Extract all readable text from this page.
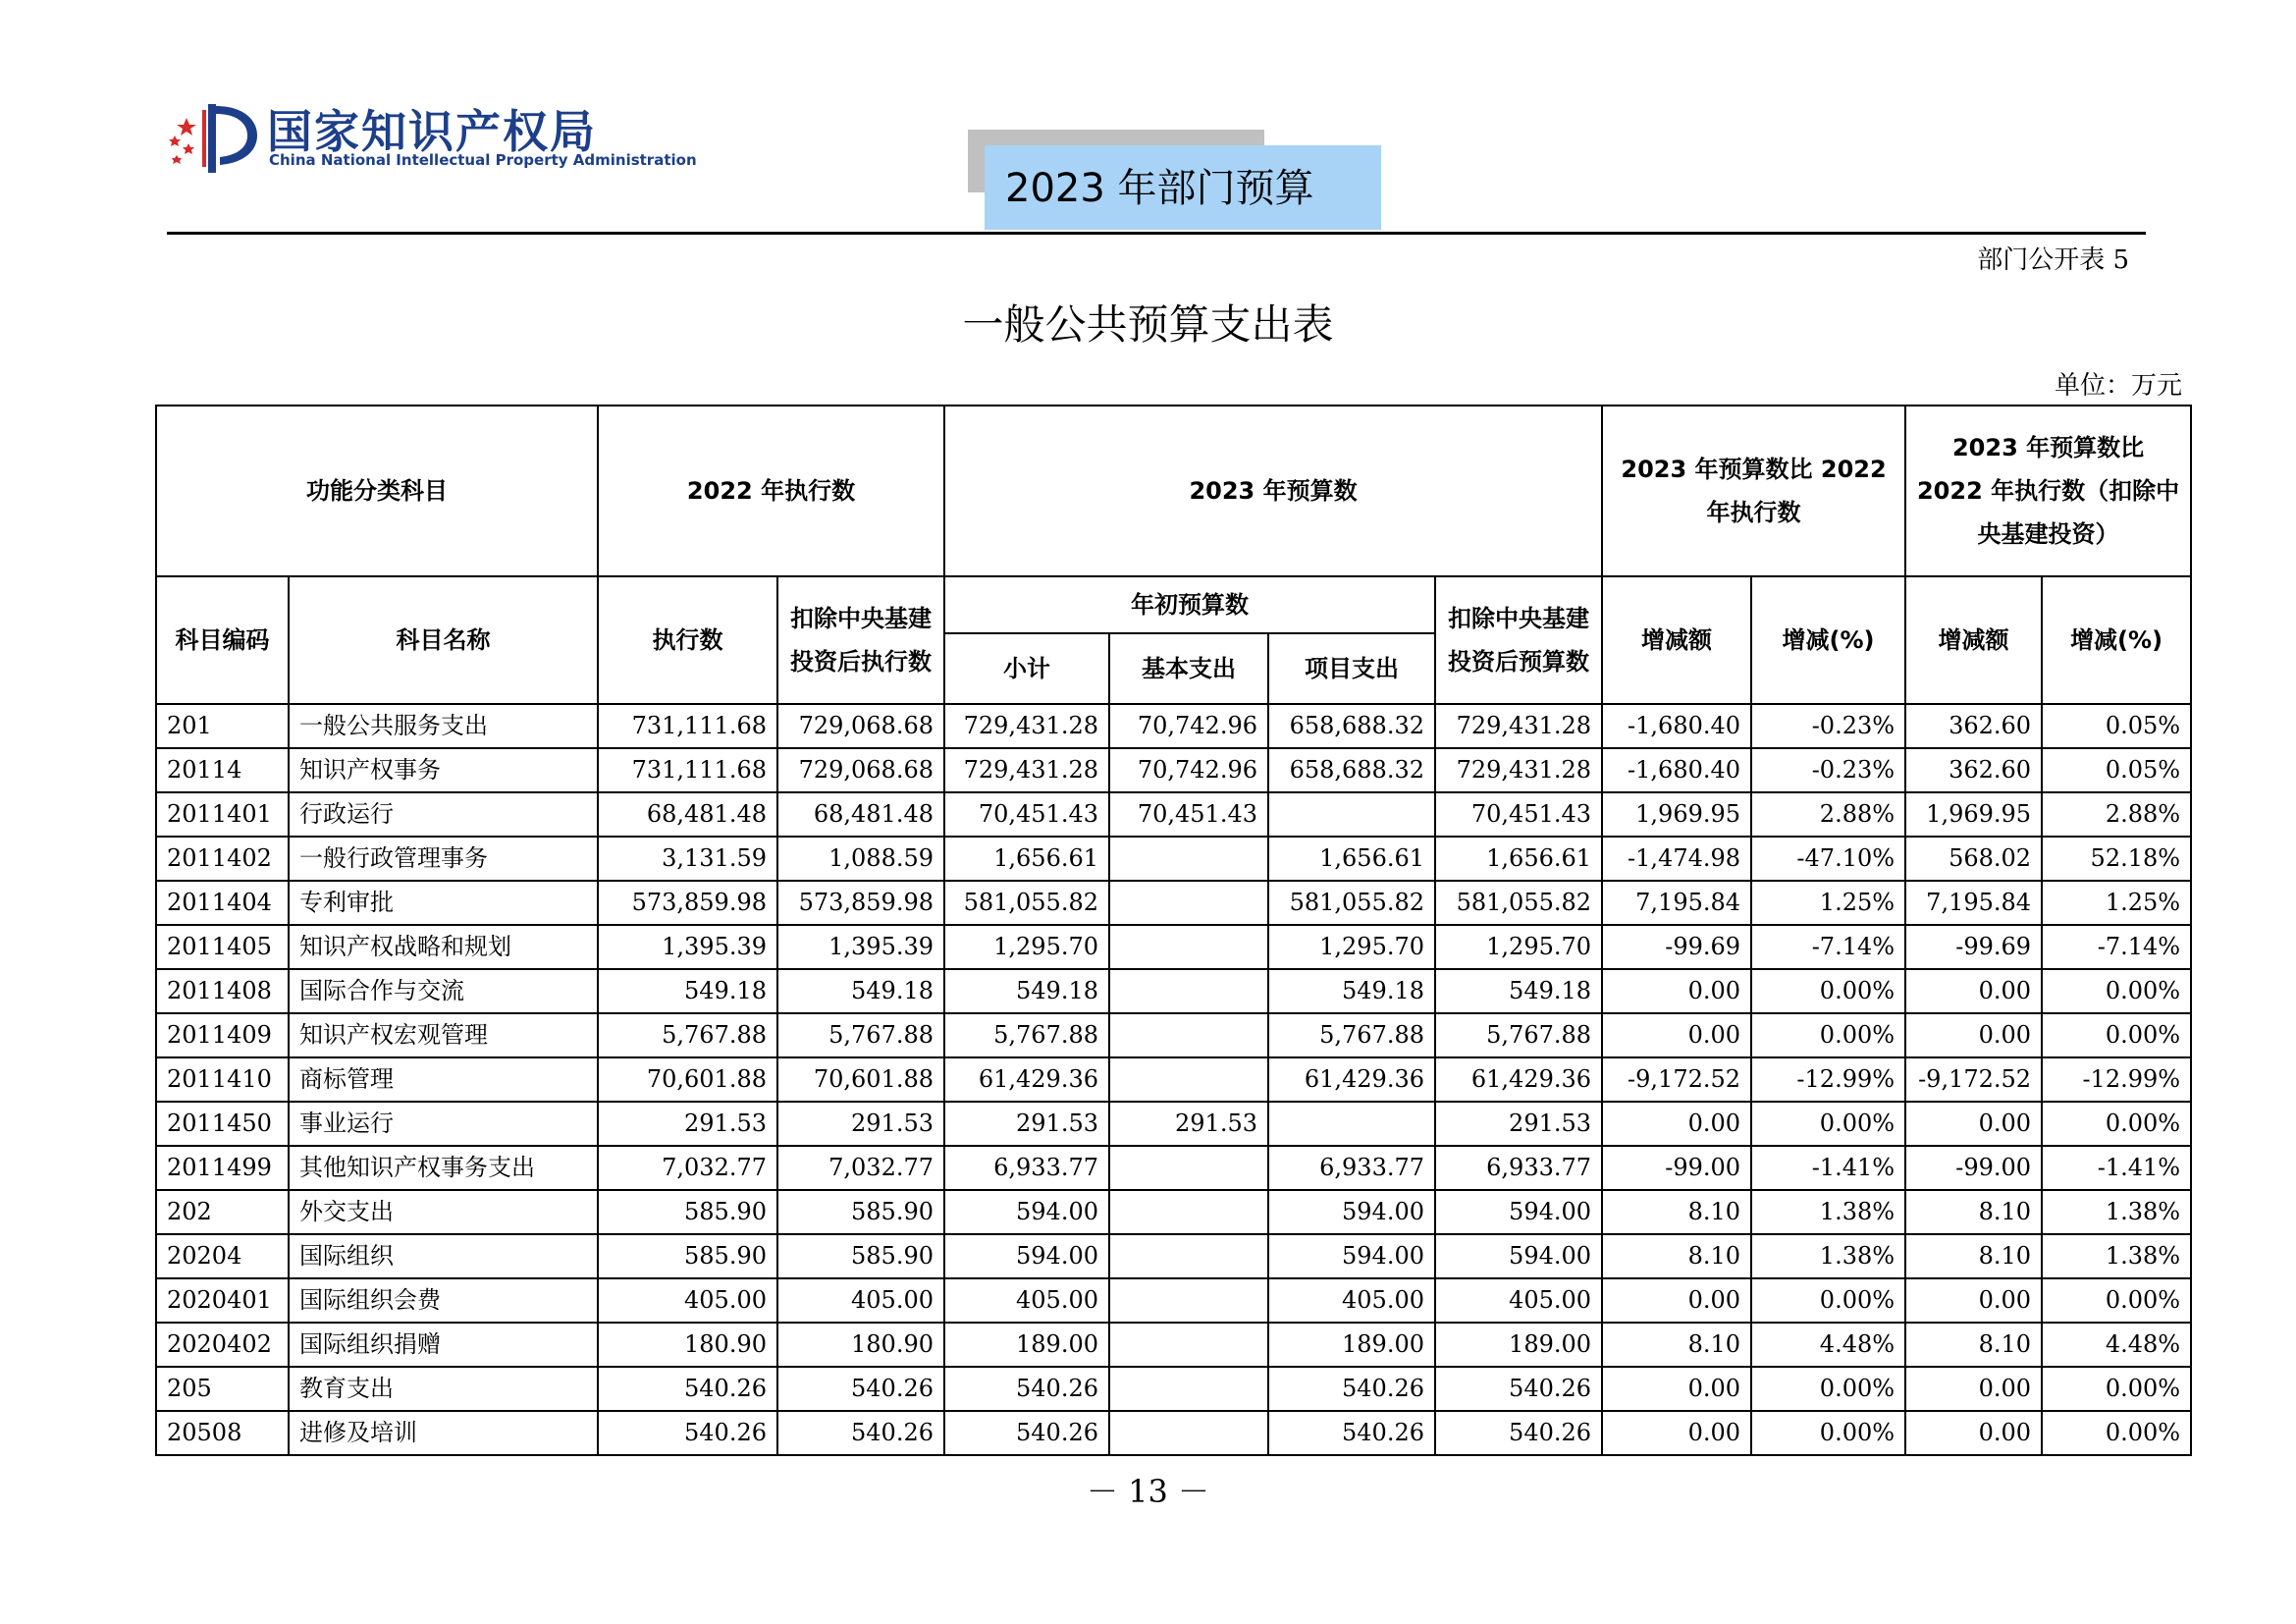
国家知识产权局
China National Intellectual Property Administration
2023 年部门预算
部门公开表 5
一般公共预算支出表
单位：万元
功能分类科目		2022 年执行数		2023 年预算数				2023 年预算数比 2022 年执行数		2023 年预算数比 2022 年执行数（扣除中央基建投资）	
科目编码	科目名称	执行数	扣除中央基建投资后执行数	年初预算数			扣除中央基建投资后预算数	增减额	增减(%)	增减额	增减(%)
				小计	基本支出	项目支出					
201	一般公共服务支出	731,111.68	729,068.68	729,431.28	70,742.96	658,688.32	729,431.28	-1,680.40	-0.23%	362.60	0.05%
20114	知识产权事务	731,111.68	729,068.68	729,431.28	70,742.96	658,688.32	729,431.28	-1,680.40	-0.23%	362.60	0.05%
2011401	行政运行	68,481.48	68,481.48	70,451.43	70,451.43		70,451.43	1,969.95	2.88%	1,969.95	2.88%
2011402	一般行政管理事务	3,131.59	1,088.59	1,656.61		1,656.61	1,656.61	-1,474.98	-47.10%	568.02	52.18%
2011404	专利审批	573,859.98	573,859.98	581,055.82		581,055.82	581,055.82	7,195.84	1.25%	7,195.84	1.25%
2011405	知识产权战略和规划	1,395.39	1,395.39	1,295.70		1,295.70	1,295.70	-99.69	-7.14%	-99.69	-7.14%
2011408	国际合作与交流	549.18	549.18	549.18		549.18	549.18	0.00	0.00%	0.00	0.00%
2011409	知识产权宏观管理	5,767.88	5,767.88	5,767.88		5,767.88	5,767.88	0.00	0.00%	0.00	0.00%
2011410	商标管理	70,601.88	70,601.88	61,429.36		61,429.36	61,429.36	-9,172.52	-12.99%	-9,172.52	-12.99%
2011450	事业运行	291.53	291.53	291.53	291.53		291.53	0.00	0.00%	0.00	0.00%
2011499	其他知识产权事务支出	7,032.77	7,032.77	6,933.77		6,933.77	6,933.77	-99.00	-1.41%	-99.00	-1.41%
202	外交支出	585.90	585.90	594.00		594.00	594.00	8.10	1.38%	8.10	1.38%
20204	国际组织	585.90	585.90	594.00		594.00	594.00	8.10	1.38%	8.10	1.38%
2020401	国际组织会费	405.00	405.00	405.00		405.00	405.00	0.00	0.00%	0.00	0.00%
2020402	国际组织捐赠	180.90	180.90	189.00		189.00	189.00	8.10	4.48%	8.10	4.48%
205	教育支出	540.26	540.26	540.26		540.26	540.26	0.00	0.00%	0.00	0.00%
20508	进修及培训	540.26	540.26	540.26		540.26	540.26	0.00	0.00%	0.00	0.00%
－ 13 －
